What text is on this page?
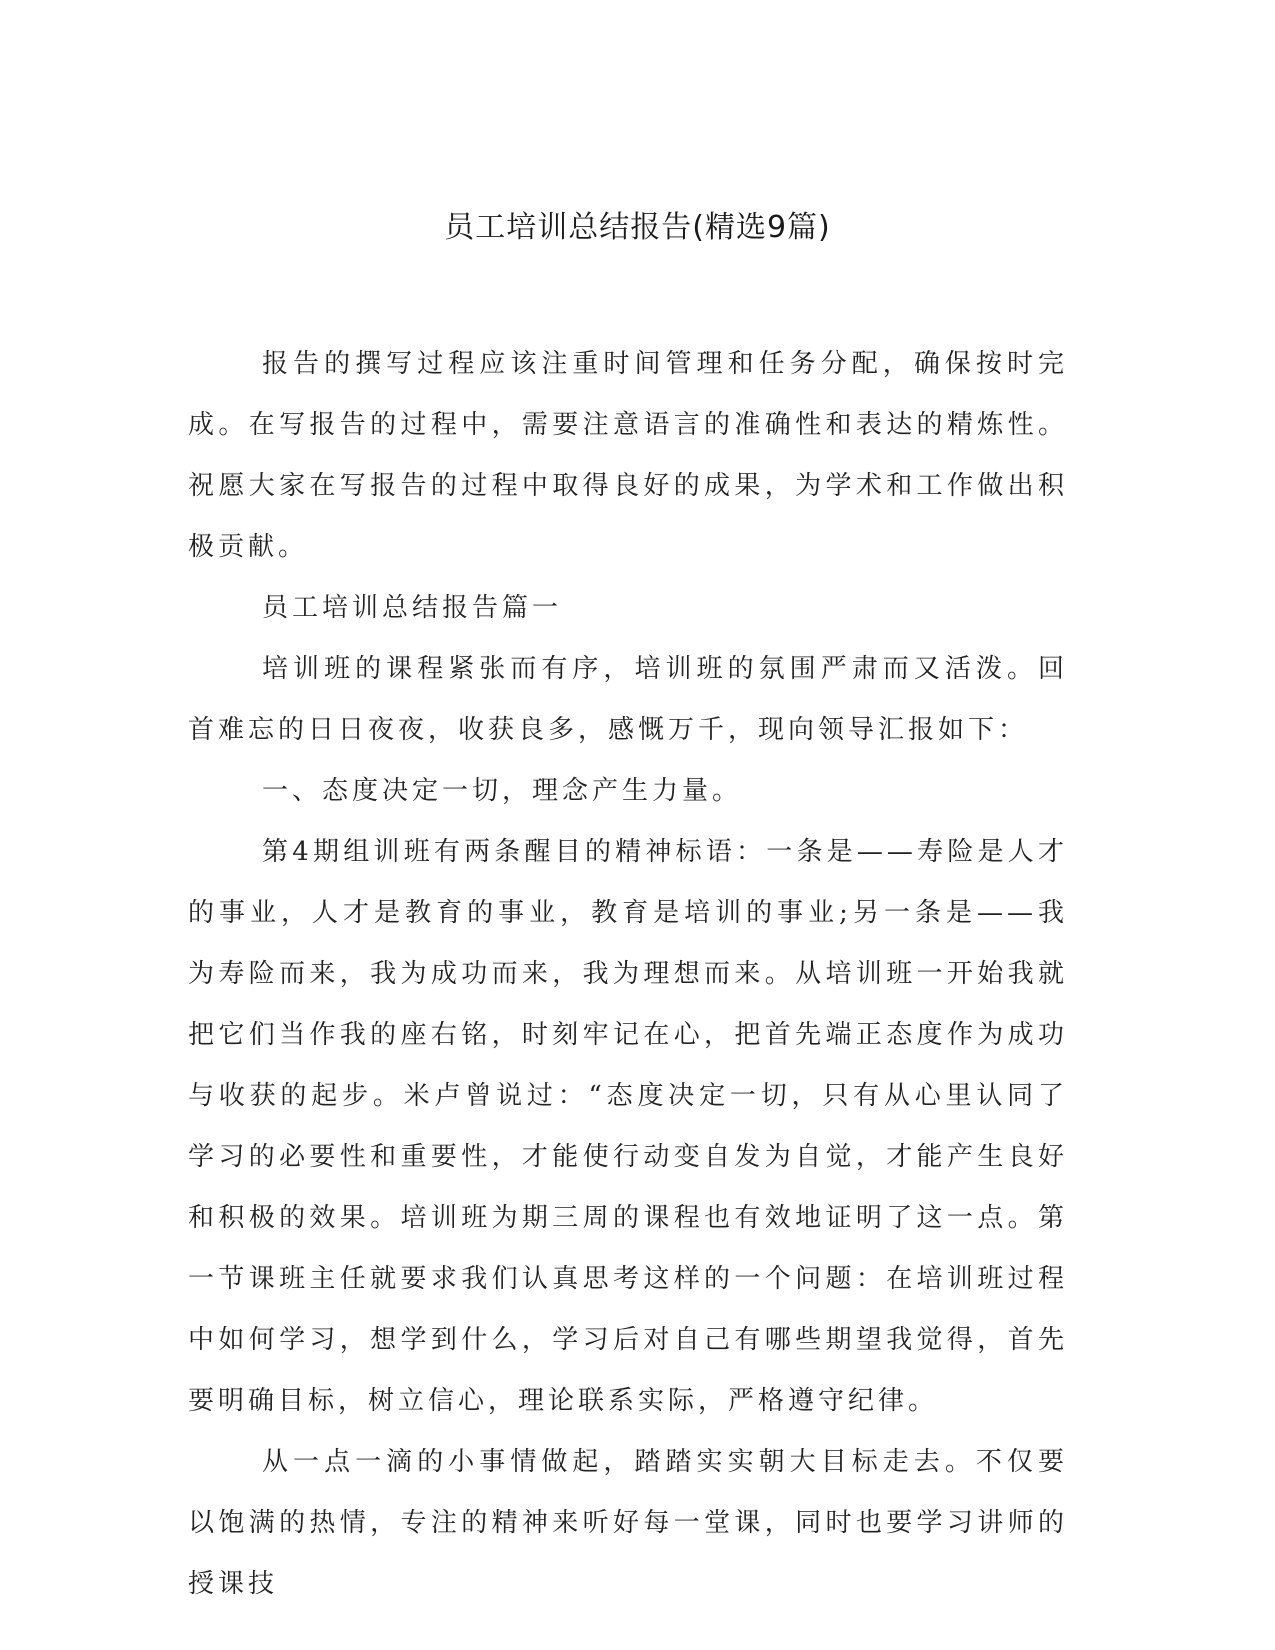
员工培训总结报告(精选9篇)

报告的撰写过程应该注重时间管理和任务分配，确保按时完成。在写报告的过程中，需要注意语言的准确性和表达的精炼性。祝愿大家在写报告的过程中取得良好的成果，为学术和工作做出积极贡献。

员工培训总结报告篇一

培训班的课程紧张而有序，培训班的氛围严肃而又活泼。回首难忘的日日夜夜，收获良多，感慨万千，现向领导汇报如下：

一、态度决定一切，理念产生力量。

第4期组训班有两条醒目的精神标语：一条是——寿险是人才的事业，人才是教育的事业，教育是培训的事业;另一条是——我为寿险而来，我为成功而来，我为理想而来。从培训班一开始我就把它们当作我的座右铭，时刻牢记在心，把首先端正态度作为成功与收获的起步。米卢曾说过：“态度决定一切，只有从心里认同了学习的必要性和重要性，才能使行动变自发为自觉，才能产生良好和积极的效果。培训班为期三周的课程也有效地证明了这一点。第一节课班主任就要求我们认真思考这样的一个问题：在培训班过程中如何学习，想学到什么，学习后对自己有哪些期望我觉得，首先要明确目标，树立信心，理论联系实际，严格遵守纪律。

从一点一滴的小事情做起，踏踏实实朝大目标走去。不仅要以饱满的热情，专注的精神来听好每一堂课，同时也要学习讲师的授课技
